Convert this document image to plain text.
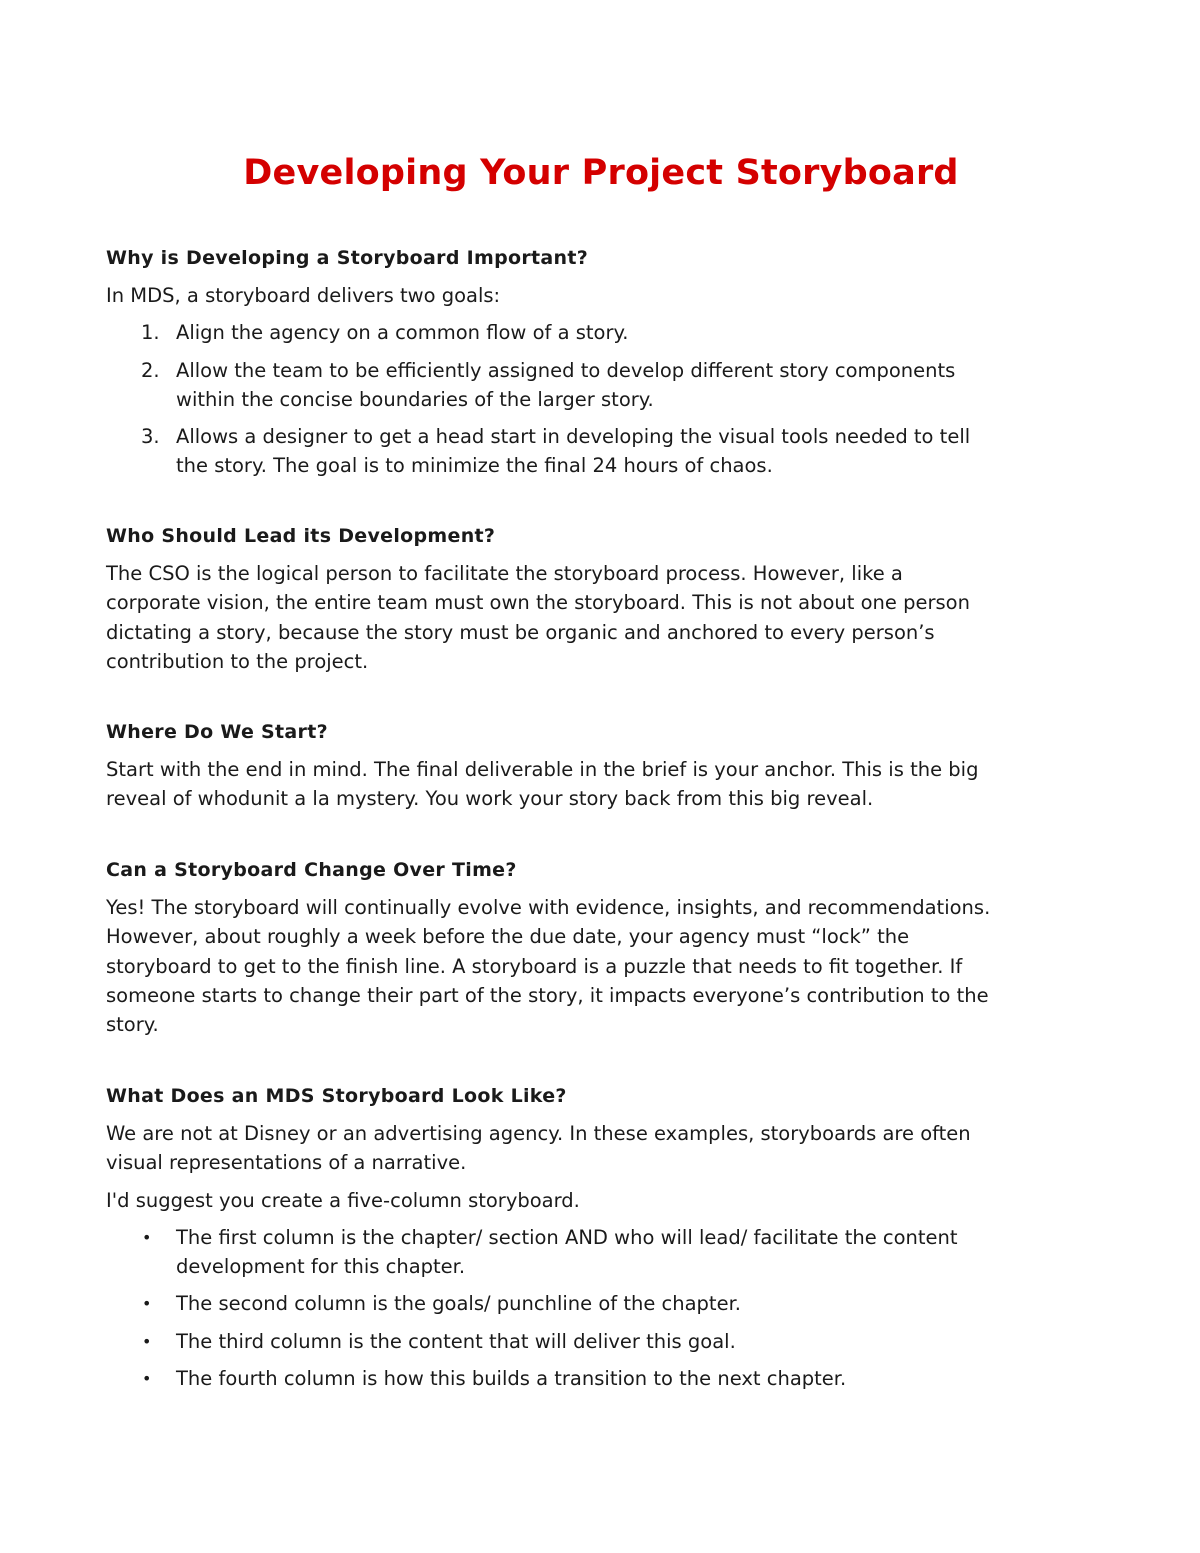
Developing Your Project Storyboard
Why is Developing a Storyboard Important?
In MDS, a storyboard delivers two goals:
1. Align the agency on a common flow of a story.
2. Allow the team to be efficiently assigned to develop different story components
within the concise boundaries of the larger story.
3. Allows a designer to get a head start in developing the visual tools needed to tell
the story. The goal is to minimize the final 24 hours of chaos.
Who Should Lead its Development?
The CSO is the logical person to facilitate the storyboard process. However, like a
corporate vision, the entire team must own the storyboard. This is not about one person
dictating a story, because the story must be organic and anchored to every person’s
contribution to the project.
Where Do We Start?
Start with the end in mind. The final deliverable in the brief is your anchor. This is the big
reveal of whodunit a la mystery. You work your story back from this big reveal.
Can a Storyboard Change Over Time?
Yes! The storyboard will continually evolve with evidence, insights, and recommendations.
However, about roughly a week before the due date, your agency must “lock” the
storyboard to get to the finish line. A storyboard is a puzzle that needs to fit together. If
someone starts to change their part of the story, it impacts everyone’s contribution to the
story.
What Does an MDS Storyboard Look Like?
We are not at Disney or an advertising agency. In these examples, storyboards are often
visual representations of a narrative.
I'd suggest you create a five-column storyboard.
• The first column is the chapter/ section AND who will lead/ facilitate the content
development for this chapter.
• The second column is the goals/ punchline of the chapter.
• The third column is the content that will deliver this goal.
• The fourth column is how this builds a transition to the next chapter.
